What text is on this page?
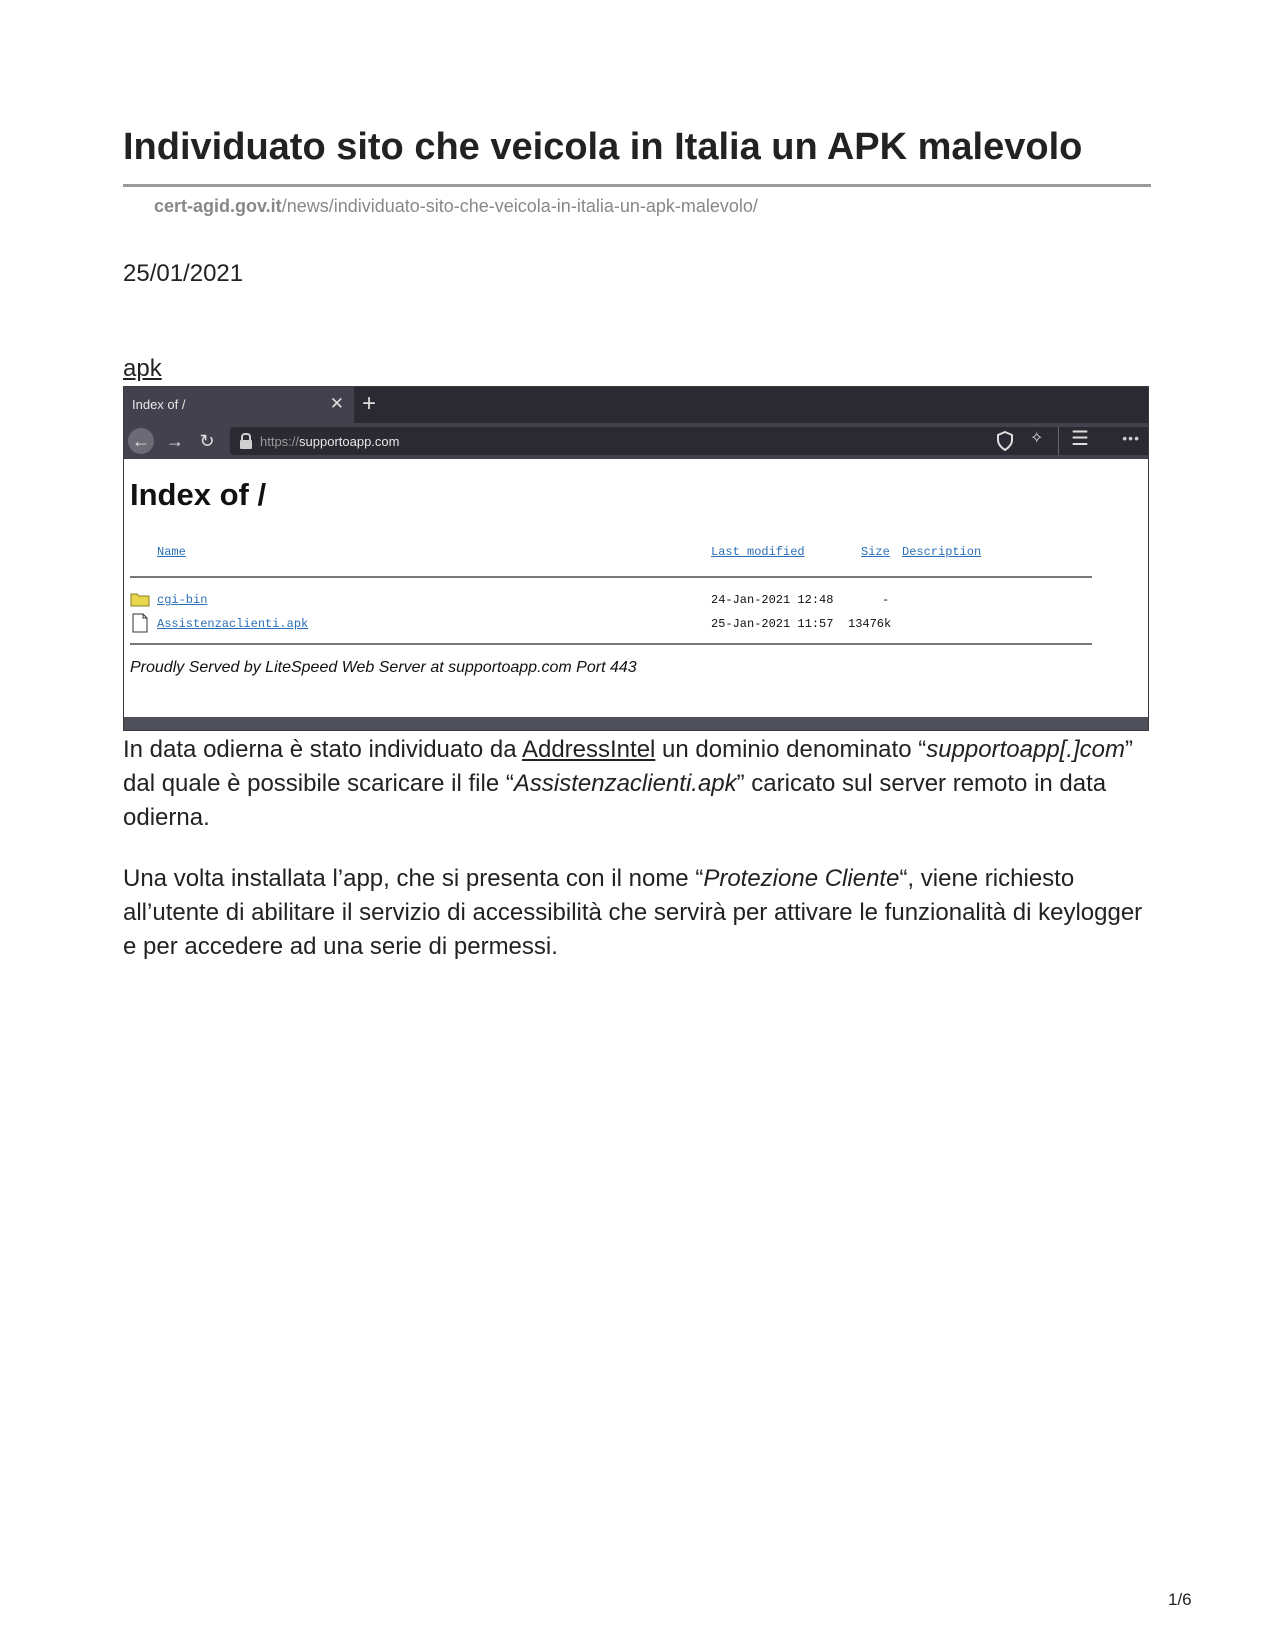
Individuato sito che veicola in Italia un APK malevolo
cert-agid.gov.it/news/individuato-sito-che-veicola-in-italia-un-apk-malevolo/
25/01/2021
apk
Index of /	✕ +
← → ↻	https://supportoapp.com	•••
✧ ☰
Index of /
Name	Last modified	Size Description
cgi-bin	24-Jan-2021 12:48	-
Assistenzaclienti.apk	25-Jan-2021 11:57 13476k
Proudly Served by LiteSpeed Web Server at supportoapp.com Port 443

In data odierna è stato individuato da AddressIntel un dominio denominato “supportoapp[.]com” dal quale è possibile scaricare il file “Assistenzaclienti.apk” caricato sul server remoto in data odierna.

Una volta installata l’app, che si presenta con il nome “Protezione Cliente“, viene richiesto all’utente di abilitare il servizio di accessibilità che servirà per attivare le funzionalità di keylogger e per accedere ad una serie di permessi.

1/6
